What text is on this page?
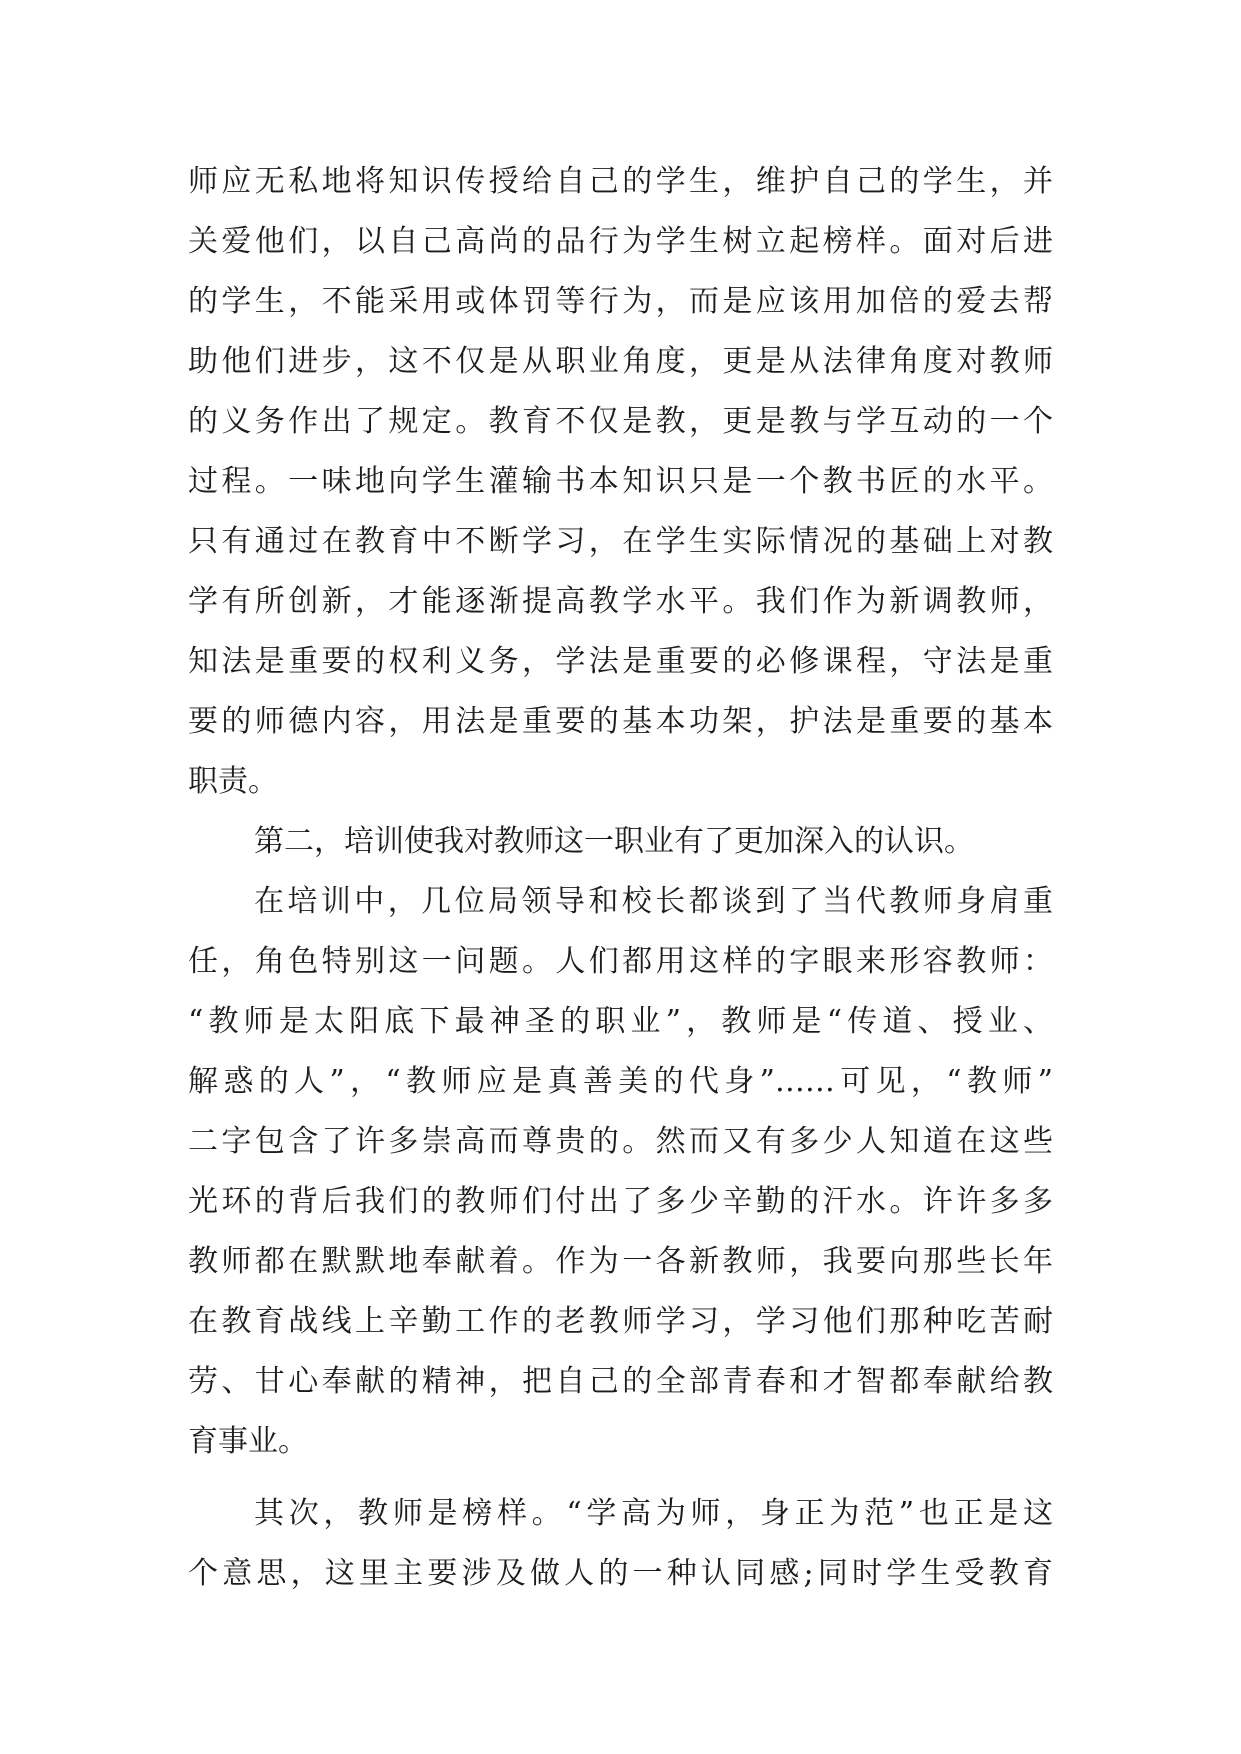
师应无私地将知识传授给自己的学生，维护自己的学生，并
关爱他们，以自己高尚的品行为学生树立起榜样。面对后进
的学生，不能采用或体罚等行为，而是应该用加倍的爱去帮
助他们进步，这不仅是从职业角度，更是从法律角度对教师
的义务作出了规定。教育不仅是教，更是教与学互动的一个
过程。一味地向学生灌输书本知识只是一个教书匠的水平。
只有通过在教育中不断学习，在学生实际情况的基础上对教
学有所创新，才能逐渐提高教学水平。我们作为新调教师，
知法是重要的权利义务，学法是重要的必修课程，守法是重
要的师德内容，用法是重要的基本功架，护法是重要的基本
职责。
第二，培训使我对教师这一职业有了更加深入的认识。
在培训中，几位局领导和校长都谈到了当代教师身肩重
任，角色特别这一问题。人们都用这样的字眼来形容教师：
“教师是太阳底下最神圣的职业”，教师是“传道、授业、
解惑的人”，“教师应是真善美的代身”……可见，“教师”
二字包含了许多崇高而尊贵的。然而又有多少人知道在这些
光环的背后我们的教师们付出了多少辛勤的汗水。许许多多
教师都在默默地奉献着。作为一各新教师，我要向那些长年
在教育战线上辛勤工作的老教师学习，学习他们那种吃苦耐
劳、甘心奉献的精神，把自己的全部青春和才智都奉献给教
育事业。
其次，教师是榜样。“学高为师，身正为范”也正是这
个意思，这里主要涉及做人的一种认同感;同时学生受教育
